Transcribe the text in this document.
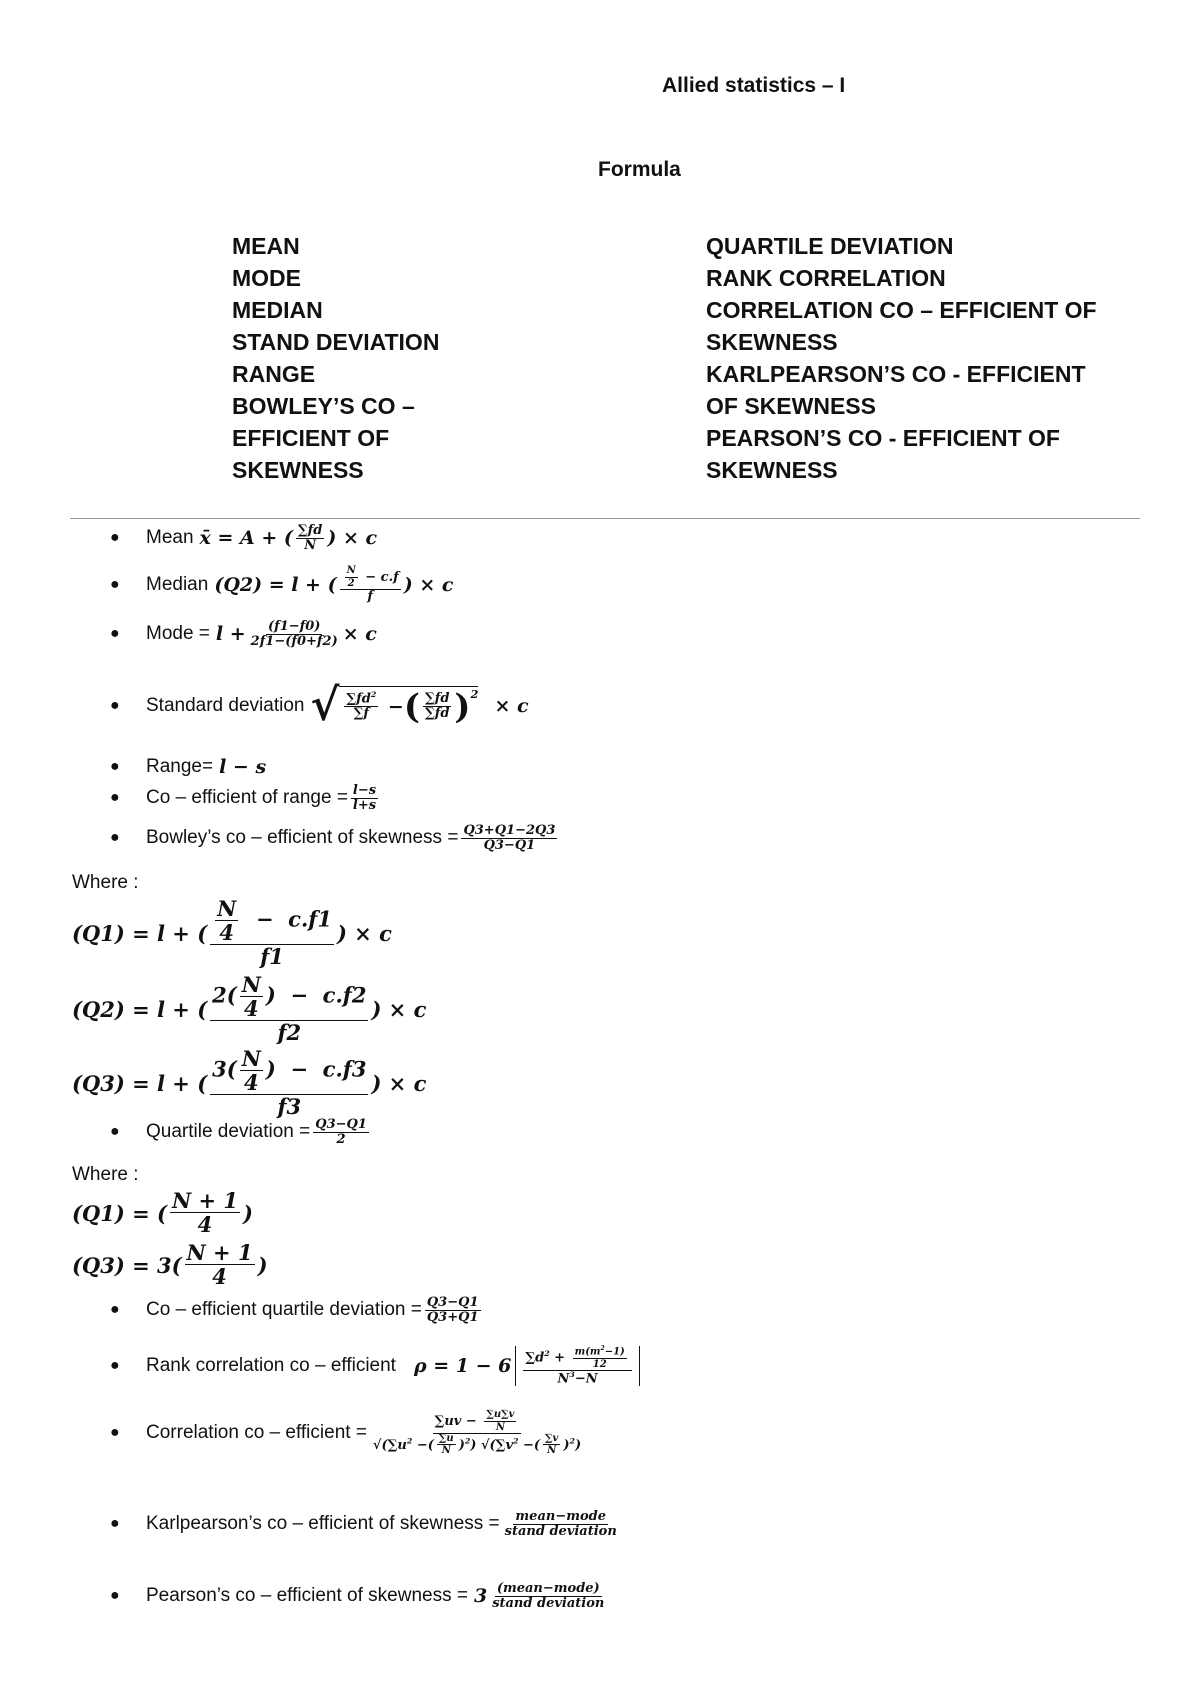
Allied statistics – I
Formula
MEAN
MODE
MEDIAN
STAND DEVIATION
RANGE
BOWLEY’S CO –
EFFICIENT OF
SKEWNESS
QUARTILE DEVIATION
RANK CORRELATION
CORRELATION CO – EFFICIENT OF
SKEWNESS
KARLPEARSON’S CO - EFFICIENT
OF SKEWNESS
PEARSON’S CO - EFFICIENT OF
SKEWNESS
●	Mean x̄ = A + ( $\frac{\sum fd}{N}$ ) × c
●	Median (Q2) = l + ( $\frac{\frac{N}{2} - c.f}{f}$ ) × c
●	Mode = $l + \frac{(f1-f0)}{2f1-(f0+f2)} \times c$
●	Standard deviation √ $\frac{\sum fd^2}{\sum f}$ − ( $\frac{\sum fd}{\sum fd} )^2$
× c
●	Range= l − s
●	Co – efficient of range = $\frac{l-s}{l+s}$
●	Bowley’s co – efficient of skewness = $\frac{Q3+Q1-2Q3}{Q3-Q1}$
Where :
(Q1) = l + ( $\frac{\frac{N}{4} - c.f1}{f1}$ ) × c
(Q2) = l + ( $\frac{2( \frac{N}{4} ) - c.f2}{f2}$ ) × c
(Q3) = l + ( $\frac{3( \frac{N}{4} ) - c.f3}{f3}$ ) × c
●	Quartile deviation = $\frac{Q3-Q1}{2}$
Where :
(Q1) = ( $\frac{N + 1}{4}$ )
$(Q3) = 3( \frac{N + 1}{4}$ )
●	Co – efficient quartile deviation = $\frac{Q3-Q1}{Q3+Q1}$
●	Rank correlation co – efficient $\rho = 1 - 6 \frac{\sum d^2 + \frac{m(m^2-1)}{12}}{N^3-N}$
●	Correlation co – efficient = $\frac{\sum uv - \frac{\sum u\sum v}{N}}{√(\sum u^2 -( \frac{\sum u}{N} )^2) √(\sum v^2 -( \frac{\sum v}{N} )^2)}$
●	Karlpearson’s co – efficient of skewness = $\frac{\text{mean−mode}}{\text{stand deviation}}$
●	Pearson’s co – efficient of skewness = $3 \frac{\text{(mean−mode)}}{\text{stand deviation}}$
